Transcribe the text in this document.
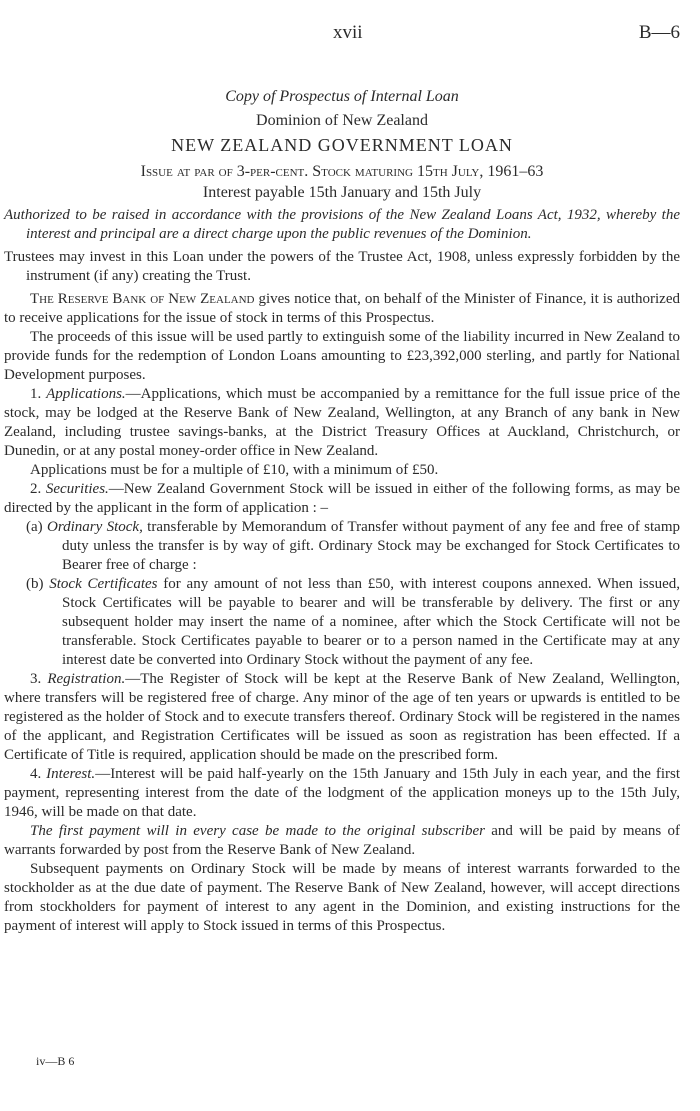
xvii	B—6
Copy of Prospectus of Internal Loan
Dominion of New Zealand
NEW ZEALAND GOVERNMENT LOAN
Issue at par of 3-per-cent. Stock maturing 15th July, 1961–63
Interest payable 15th January and 15th July

Authorized to be raised in accordance with the provisions of the New Zealand Loans Act, 1932, whereby the interest and principal are a direct charge upon the public revenues of the Dominion.

Trustees may invest in this Loan under the powers of the Trustee Act, 1908, unless expressly forbidden by the instrument (if any) creating the Trust.

The Reserve Bank of New Zealand gives notice that, on behalf of the Minister of Finance, it is authorized to receive applications for the issue of stock in terms of this Prospectus.

The proceeds of this issue will be used partly to extinguish some of the liability incurred in New Zealand to provide funds for the redemption of London Loans amounting to £23,392,000 sterling, and partly for National Development purposes.

1. Applications.—Applications, which must be accompanied by a remittance for the full issue price of the stock, may be lodged at the Reserve Bank of New Zealand, Wellington, at any Branch of any bank in New Zealand, including trustee savings-banks, at the District Treasury Offices at Auckland, Christchurch, or Dunedin, or at any postal money-order office in New Zealand.

Applications must be for a multiple of £10, with a minimum of £50.

2. Securities.—New Zealand Government Stock will be issued in either of the following forms, as may be directed by the applicant in the form of application : –

(a) Ordinary Stock, transferable by Memorandum of Transfer without payment of any fee and free of stamp duty unless the transfer is by way of gift. Ordinary Stock may be exchanged for Stock Certificates to Bearer free of charge :

(b) Stock Certificates for any amount of not less than £50, with interest coupons annexed. When issued, Stock Certificates will be payable to bearer and will be transferable by delivery. The first or any subsequent holder may insert the name of a nominee, after which the Stock Certificate will not be transferable. Stock Certificates payable to bearer or to a person named in the Certificate may at any interest date be converted into Ordinary Stock without the payment of any fee.

3. Registration.—The Register of Stock will be kept at the Reserve Bank of New Zealand, Wellington, where transfers will be registered free of charge. Any minor of the age of ten years or upwards is entitled to be registered as the holder of Stock and to execute transfers thereof. Ordinary Stock will be registered in the names of the applicant, and Registration Certificates will be issued as soon as registration has been effected. If a Certificate of Title is required, application should be made on the prescribed form.

4. Interest.—Interest will be paid half-yearly on the 15th January and 15th July in each year, and the first payment, representing interest from the date of the lodgment of the application moneys up to the 15th July, 1946, will be made on that date.

The first payment will in every case be made to the original subscriber and will be paid by means of warrants forwarded by post from the Reserve Bank of New Zealand.

Subsequent payments on Ordinary Stock will be made by means of interest warrants forwarded to the stockholder as at the due date of payment. The Reserve Bank of New Zealand, however, will accept directions from stockholders for payment of interest to any agent in the Dominion, and existing instructions for the payment of interest will apply to Stock issued in terms of this Prospectus.

iv—B 6
